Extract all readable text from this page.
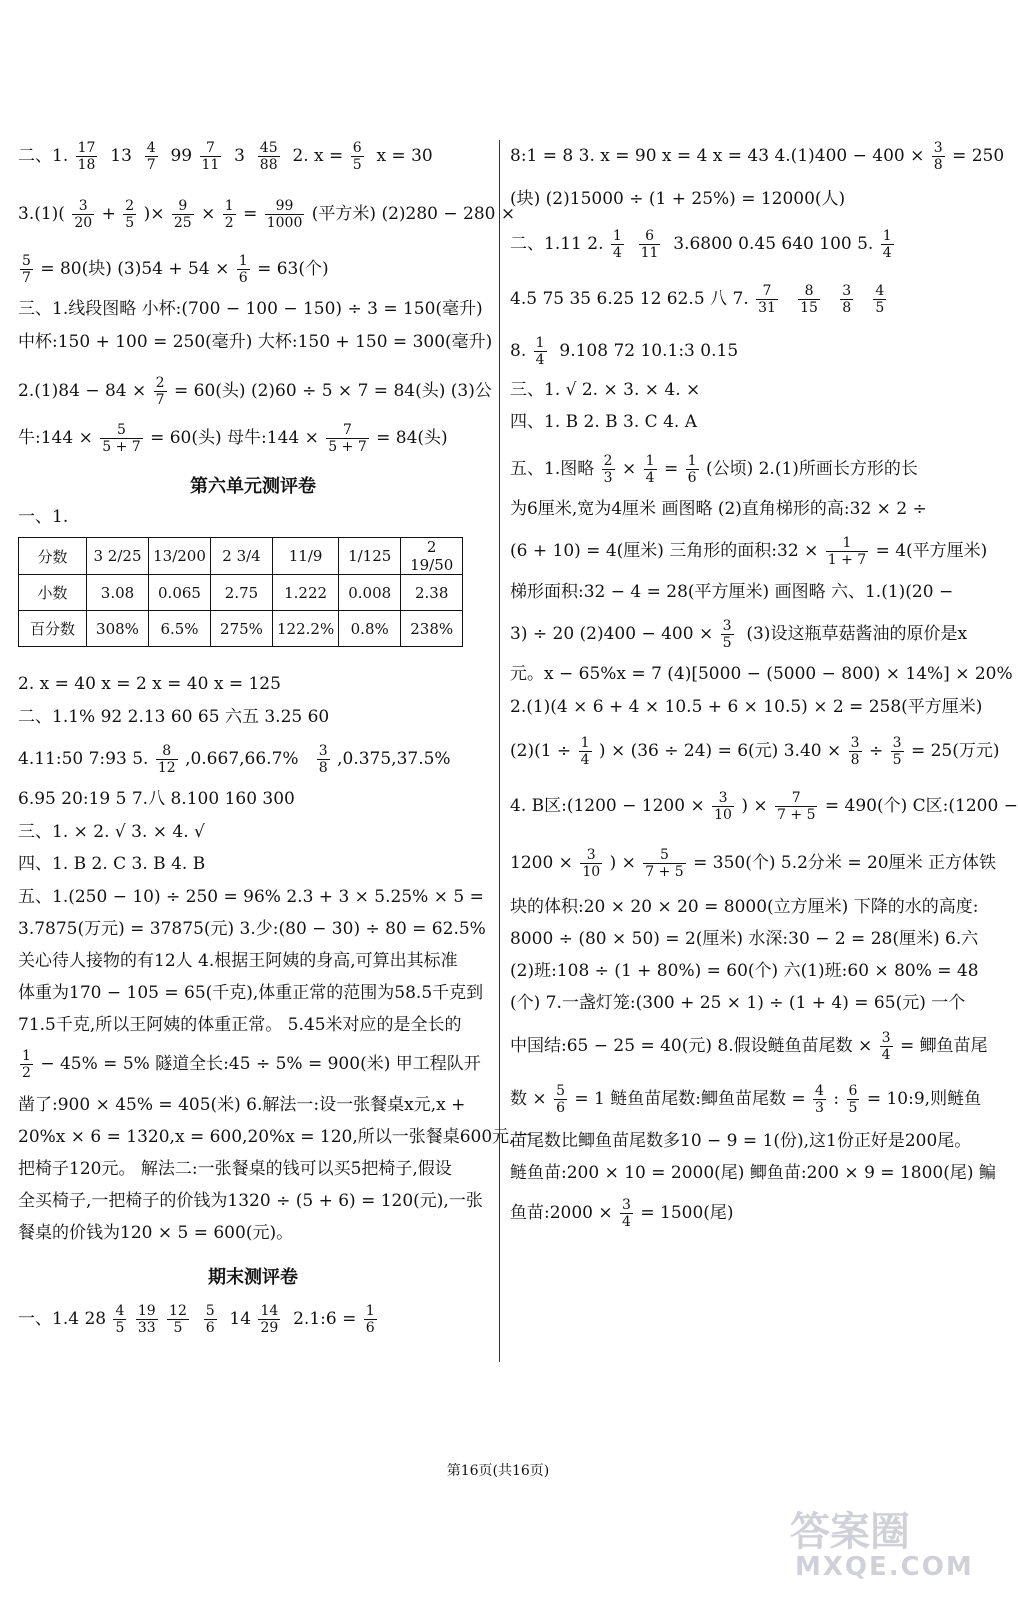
二、1. $\frac{17}{18} 13 \frac{4}{7} 99 \frac{7}{11} 3 \frac{45}{88} 2$. $x = \frac{6}{5}$ x = 30
$3.(1)( \frac{3}{20} + \frac{2}{5}$ )× $\frac{9}{25} \times \frac{1}{2} = \frac{99}{1000}$ (平方米) (2)280 − 280 ×
$\frac{5}{7} = 80$(块) $(3)54 + 54 \times \frac{1}{6} = 63$(个)
三、1.线段图略 小杯:(700 − 100 − 150) ÷ 3 = 150(毫升)
中杯:150 + 100 = 250(毫升) 大杯:150 + 150 = 300(毫升)
$2.(1)84 - 84 \times \frac{2}{7} = 60$(头) (2)60 ÷ 5 × 7 = 84(头) (3)公
牛:144 × $\frac{5}{5 + 7} = 60$(头) 母牛:144 × $\frac{7}{5 + 7} = 84$(头)
第六单元测评卷
一、1.
分数	3 2/25	13/200	2 3/4	11/9	1/125	2 19/50
小数	3.08	0.065	2.75	1.222	0.008	2.38
百分数	308%	6.5%	275%	122.2%	0.8%	238%
2. x = 40 x = 2 x = 40 x = 125
二、1.1% 92 2.13 60 65 六五 3.25 60
4.11:50 7:93 5. $\frac{8}{12} ,0.667,66.7\% \frac{3}{8} ,0.375,37.5\%$
6.95 20:19 5 7.八 8.100 160 300
三、1. × 2. √ 3. × 4. √
四、1. B 2. C 3. B 4. B
五、1.(250 − 10) ÷ 250 = 96% 2.3 + 3 × 5.25% × 5 =
3.7875(万元) = 37875(元) 3.少:(80 − 30) ÷ 80 = 62.5%
关心待人接物的有12人 4.根据王阿姨的身高,可算出其标准
体重为170 − 105 = 65(千克),体重正常的范围为58.5千克到
71.5千克,所以王阿姨的体重正常。 5.45米对应的是全长的
$\frac{1}{2} - 45\% = 5\%$ 隧道全长:45 ÷ 5% = 900(米) 甲工程队开
凿了:900 × 45% = 405(米) 6.解法一:设一张餐桌x元,x +
20%x × 6 = 1320,x = 600,20%x = 120,所以一张餐桌600元,一
把椅子120元。 解法二:一张餐桌的钱可以买5把椅子,假设
全买椅子,一把椅子的价钱为1320 ÷ (5 + 6) = 120(元),一张
餐桌的价钱为120 × 5 = 600(元)。
期末测评卷
一、1.4 $28 \frac{4}{5}$
$\frac{19}{33}$
$\frac{12}{5}$
$\frac{5}{6} 14 \frac{14}{29}$ 2.1:6 = $\frac{1}{6}$
8:1 = 8 3. x = 90 x = 4 x = 43 $4.(1)400 - 400 \times \frac{3}{8} = 250$
(块) (2)15000 ÷ (1 + 25%) = 12000(人)
二、1.11 2. $\frac{1}{4}$
$\frac{6}{11} 3.6800$ 0.45 640 100 5. $\frac{1}{4}$
4.5 75 35 6.25 12 62.5 八 7. $\frac{7}{31}$
$\frac{8}{15}$
$\frac{3}{8}$
$\frac{4}{5}$
8. $\frac{1}{4} 9.108$ 72 10.1:3 0.15
三、1. √ 2. × 3. × 4. ×
四、1. B 2. B 3. C 4. A
五、1.图略 $\frac{2}{3} \times \frac{1}{4} = \frac{1}{6}$ (公顷) 2.(1)所画长方形的长
为6厘米,宽为4厘米 画图略 (2)直角梯形的高:32 × 2 ÷
(6 + 10) = 4(厘米) 三角形的面积:32 × $\frac{1}{1 + 7} = 4$(平方厘米)
梯形面积:32 − 4 = 28(平方厘米) 画图略 六、1.(1)(20 −
3) ÷ 20 $(2)400 - 400 \times \frac{3}{5} (3)$设这瓶草菇酱油的原价是x
元。x − 65%x = 7 (4)[5000 − (5000 − 800) × 14%] × 20%
2.(1)(4 × 6 + 4 × 10.5 + 6 × 10.5) × 2 = 258(平方厘米)
$(2)(1 \div \frac{1}{4}$ ) × (36 ÷ 24) = 6(元) $3.40 \times \frac{3}{8} \div \frac{3}{5} = 25$(万元)
4. B区:(1200 − $1200 \times \frac{3}{10}$ ) × $\frac{7}{7 + 5} = 490$(个) C区:(1200 −
$1200 \times \frac{3}{10}$ ) × $\frac{5}{7 + 5} = 350$(个) 5.2分米 = 20厘米 正方体铁
块的体积:20 × 20 × 20 = 8000(立方厘米) 下降的水的高度:
8000 ÷ (80 × 50) = 2(厘米) 水深:30 − 2 = 28(厘米) 6.六
(2)班:108 ÷ (1 + 80%) = 60(个) 六(1)班:60 × 80% = 48
(个) 7.一盏灯笼:(300 + 25 × 1) ÷ (1 + 4) = 65(元) 一个
中国结:65 − 25 = 40(元) 8.假设鲢鱼苗尾数 × $\frac{3}{4}$ = 鲫鱼苗尾
数 × $\frac{5}{6} = 1$ 鲢鱼苗尾数:鲫鱼苗尾数 = $\frac{4}{3}$ : $\frac{6}{5}$ = 10:9,则鲢鱼
苗尾数比鲫鱼苗尾数多10 − 9 = 1(份),这1份正好是200尾。
鲢鱼苗:200 × 10 = 2000(尾) 鲫鱼苗:200 × 9 = 1800(尾) 鳊
鱼苗:2000 × $\frac{3}{4} = 1500$(尾)
第16页(共16页)
答案圈
MXQE.COM
